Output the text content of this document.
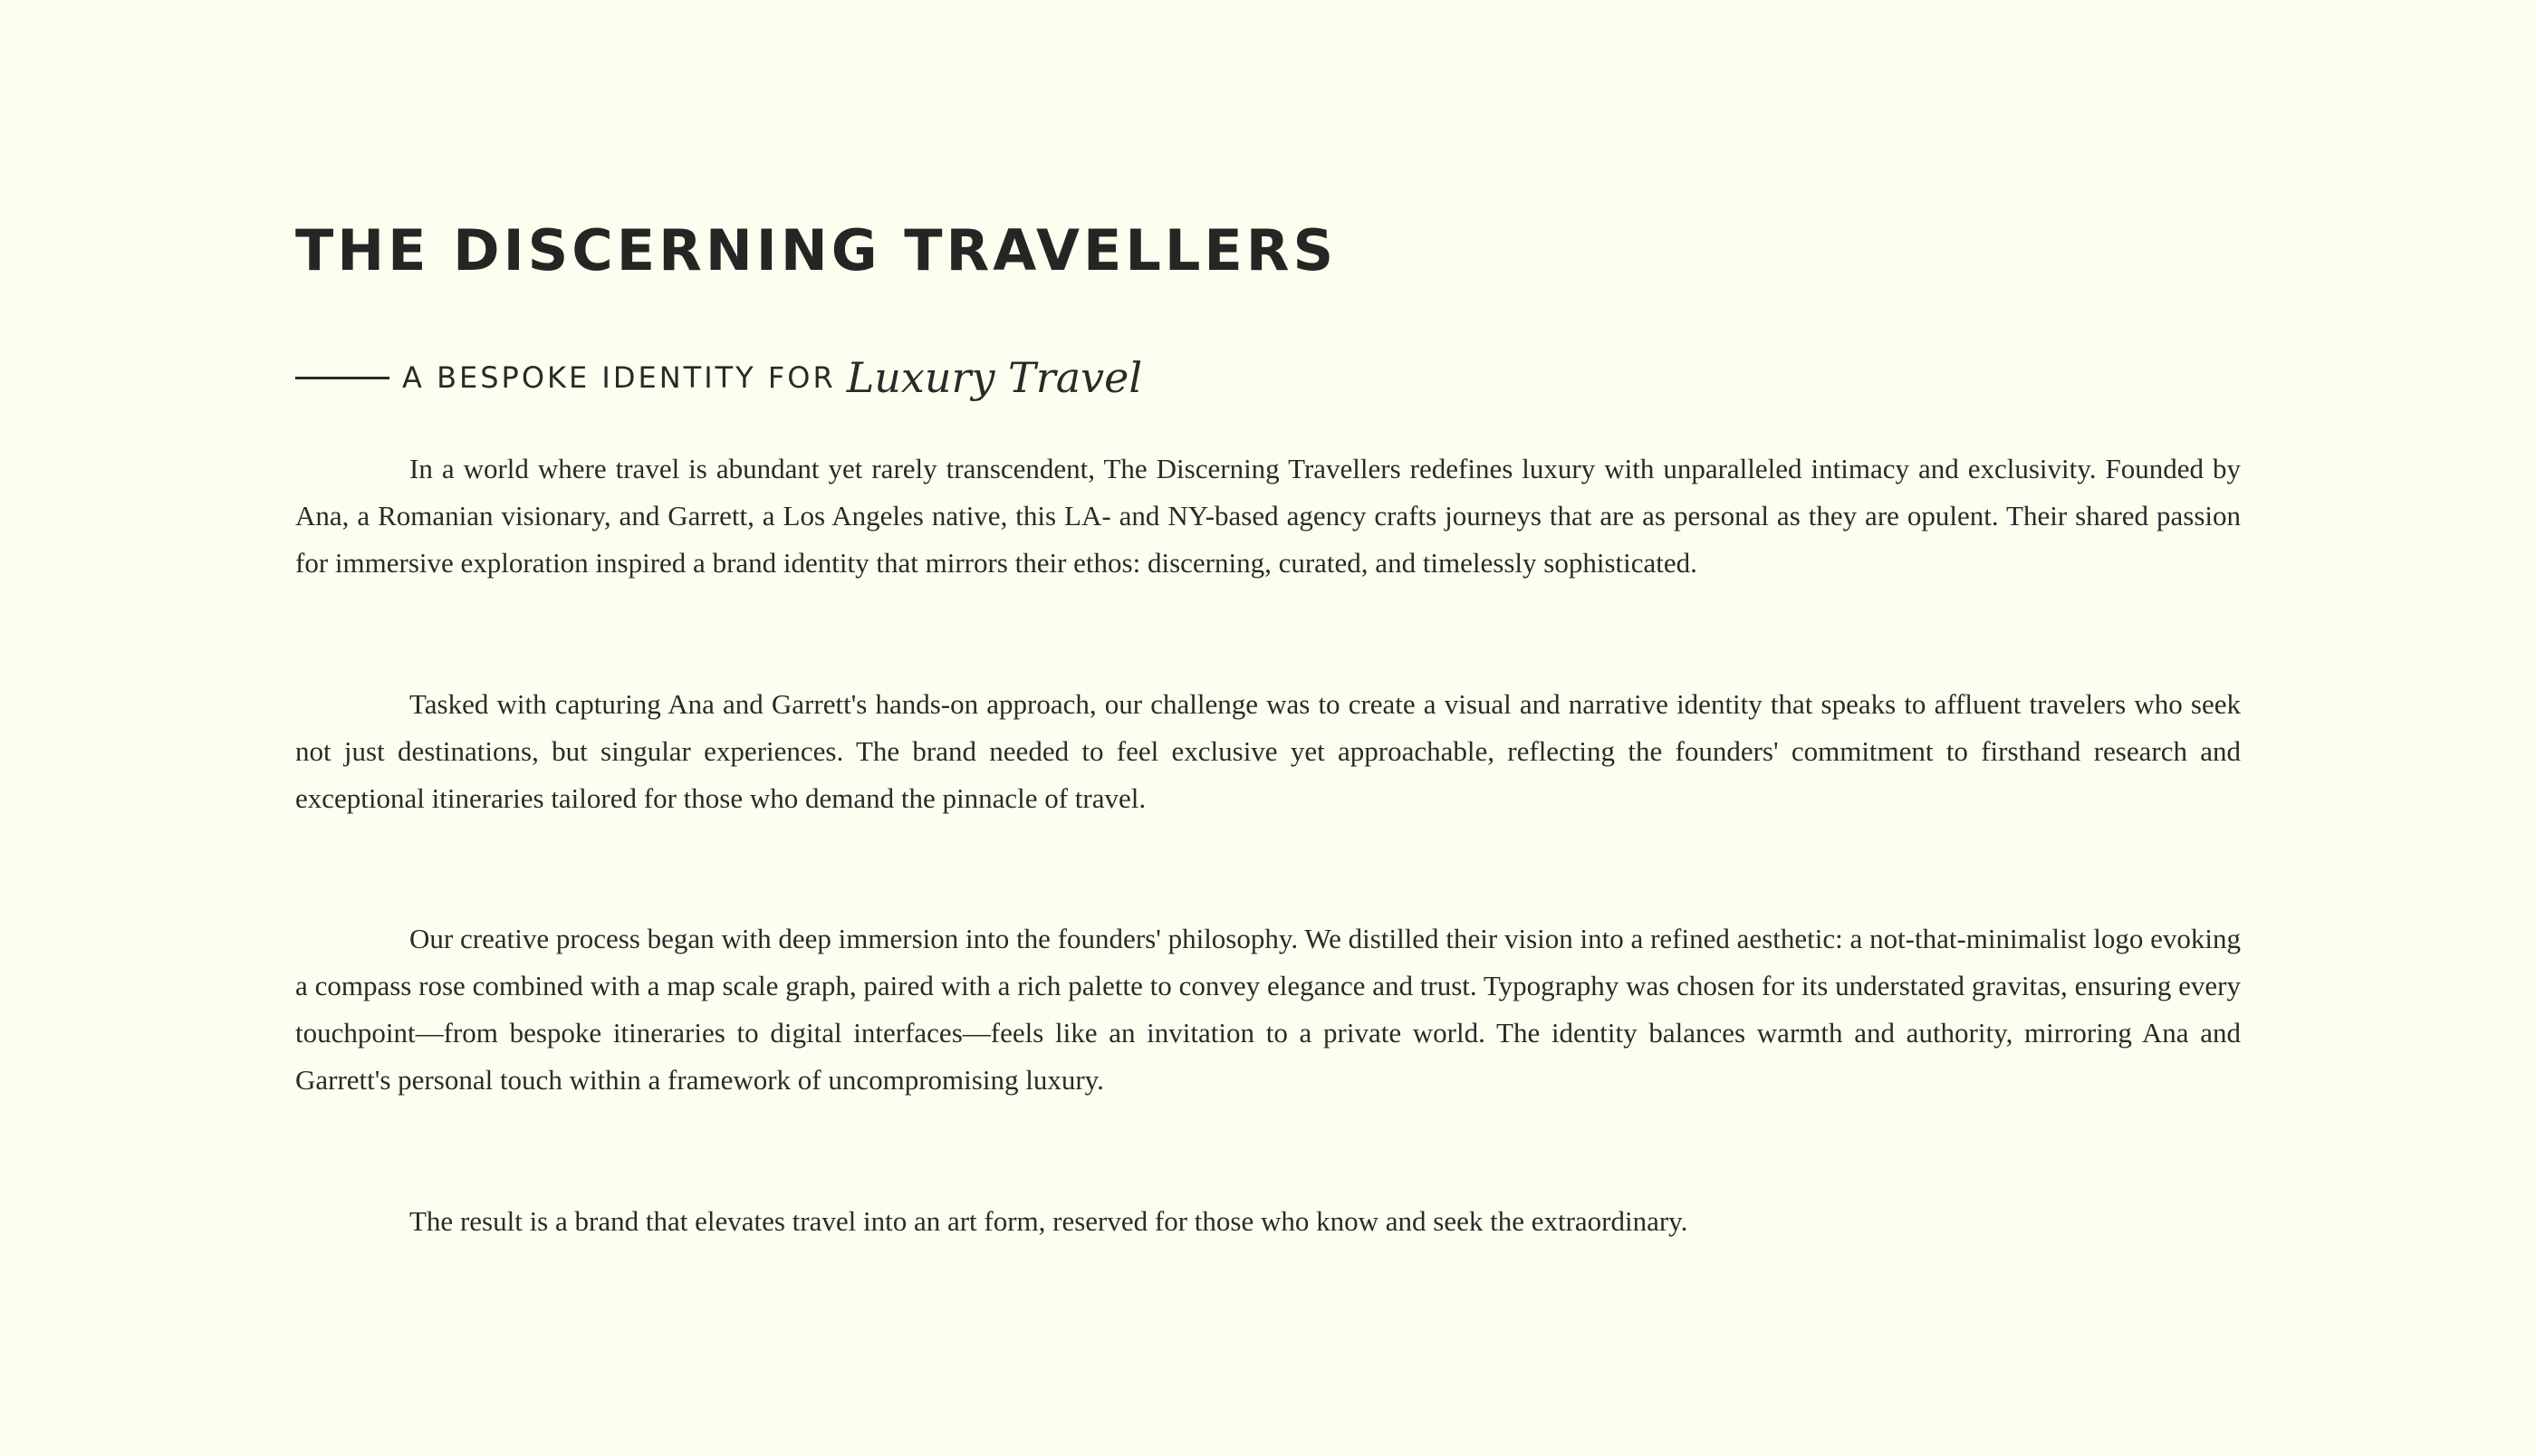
THE DISCERNING TRAVELLERS
A BESPOKE IDENTITY FOR Luxury Travel

In a world where travel is abundant yet rarely transcendent, The Discerning Travellers redefines luxury with unparalleled intimacy and exclusivity. Founded by Ana, a Romanian visionary, and Garrett, a Los Angeles native, this LA- and NY-based agency crafts journeys that are as personal as they are opulent. Their shared passion for immersive exploration inspired a brand identity that mirrors their ethos: discerning, curated, and timelessly sophisticated.

Tasked with capturing Ana and Garrett's hands-on approach, our challenge was to create a visual and narrative identity that speaks to affluent travelers who seek not just destinations, but singular experiences. The brand needed to feel exclusive yet approachable, reflecting the founders' commitment to firsthand research and exceptional itineraries tailored for those who demand the pinnacle of travel.

Our creative process began with deep immersion into the founders' philosophy. We distilled their vision into a refined aesthetic: a not-that-minimalist logo evoking a compass rose combined with a map scale graph, paired with a rich palette to convey elegance and trust. Typography was chosen for its understated gravitas, ensuring every touchpoint—from bespoke itineraries to digital interfaces—feels like an invitation to a private world. The identity balances warmth and authority, mirroring Ana and Garrett's personal touch within a framework of uncompromising luxury.

The result is a brand that elevates travel into an art form, reserved for those who know and seek the extraordinary.
